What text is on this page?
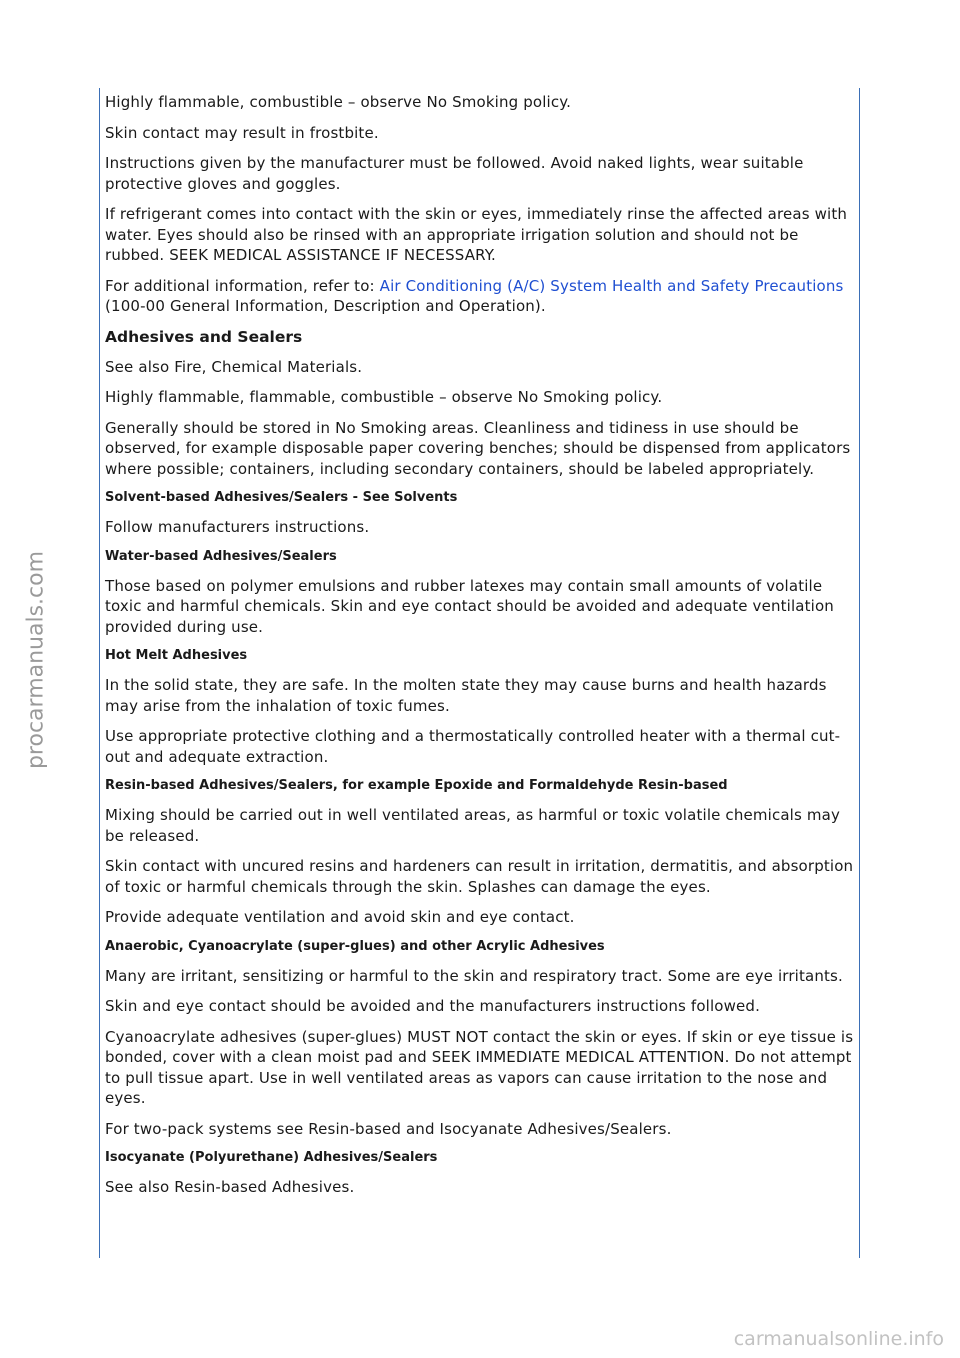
procarmanuals.com

Highly flammable, combustible – observe No Smoking policy.

Skin contact may result in frostbite.

Instructions given by the manufacturer must be followed. Avoid naked lights, wear suitable protective gloves and goggles.

If refrigerant comes into contact with the skin or eyes, immediately rinse the affected areas with water. Eyes should also be rinsed with an appropriate irrigation solution and should not be rubbed. SEEK MEDICAL ASSISTANCE IF NECESSARY.

For additional information, refer to: Air Conditioning (A/C) System Health and Safety Precautions (100-00 General Information, Description and Operation).

Adhesives and Sealers

See also Fire, Chemical Materials.

Highly flammable, flammable, combustible – observe No Smoking policy.

Generally should be stored in No Smoking areas. Cleanliness and tidiness in use should be observed, for example disposable paper covering benches; should be dispensed from applicators where possible; containers, including secondary containers, should be labeled appropriately.

Solvent-based Adhesives/Sealers - See Solvents

Follow manufacturers instructions.

Water-based Adhesives/Sealers

Those based on polymer emulsions and rubber latexes may contain small amounts of volatile toxic and harmful chemicals. Skin and eye contact should be avoided and adequate ventilation provided during use.

Hot Melt Adhesives

In the solid state, they are safe. In the molten state they may cause burns and health hazards may arise from the inhalation of toxic fumes.

Use appropriate protective clothing and a thermostatically controlled heater with a thermal cut-out and adequate extraction.

Resin-based Adhesives/Sealers, for example Epoxide and Formaldehyde Resin-based

Mixing should be carried out in well ventilated areas, as harmful or toxic volatile chemicals may be released.

Skin contact with uncured resins and hardeners can result in irritation, dermatitis, and absorption of toxic or harmful chemicals through the skin. Splashes can damage the eyes.

Provide adequate ventilation and avoid skin and eye contact.

Anaerobic, Cyanoacrylate (super-glues) and other Acrylic Adhesives

Many are irritant, sensitizing or harmful to the skin and respiratory tract. Some are eye irritants.

Skin and eye contact should be avoided and the manufacturers instructions followed.

Cyanoacrylate adhesives (super-glues) MUST NOT contact the skin or eyes. If skin or eye tissue is bonded, cover with a clean moist pad and SEEK IMMEDIATE MEDICAL ATTENTION. Do not attempt to pull tissue apart. Use in well ventilated areas as vapors can cause irritation to the nose and eyes.

For two-pack systems see Resin-based and Isocyanate Adhesives/Sealers.

Isocyanate (Polyurethane) Adhesives/Sealers

See also Resin-based Adhesives.

carmanualsonline.info
